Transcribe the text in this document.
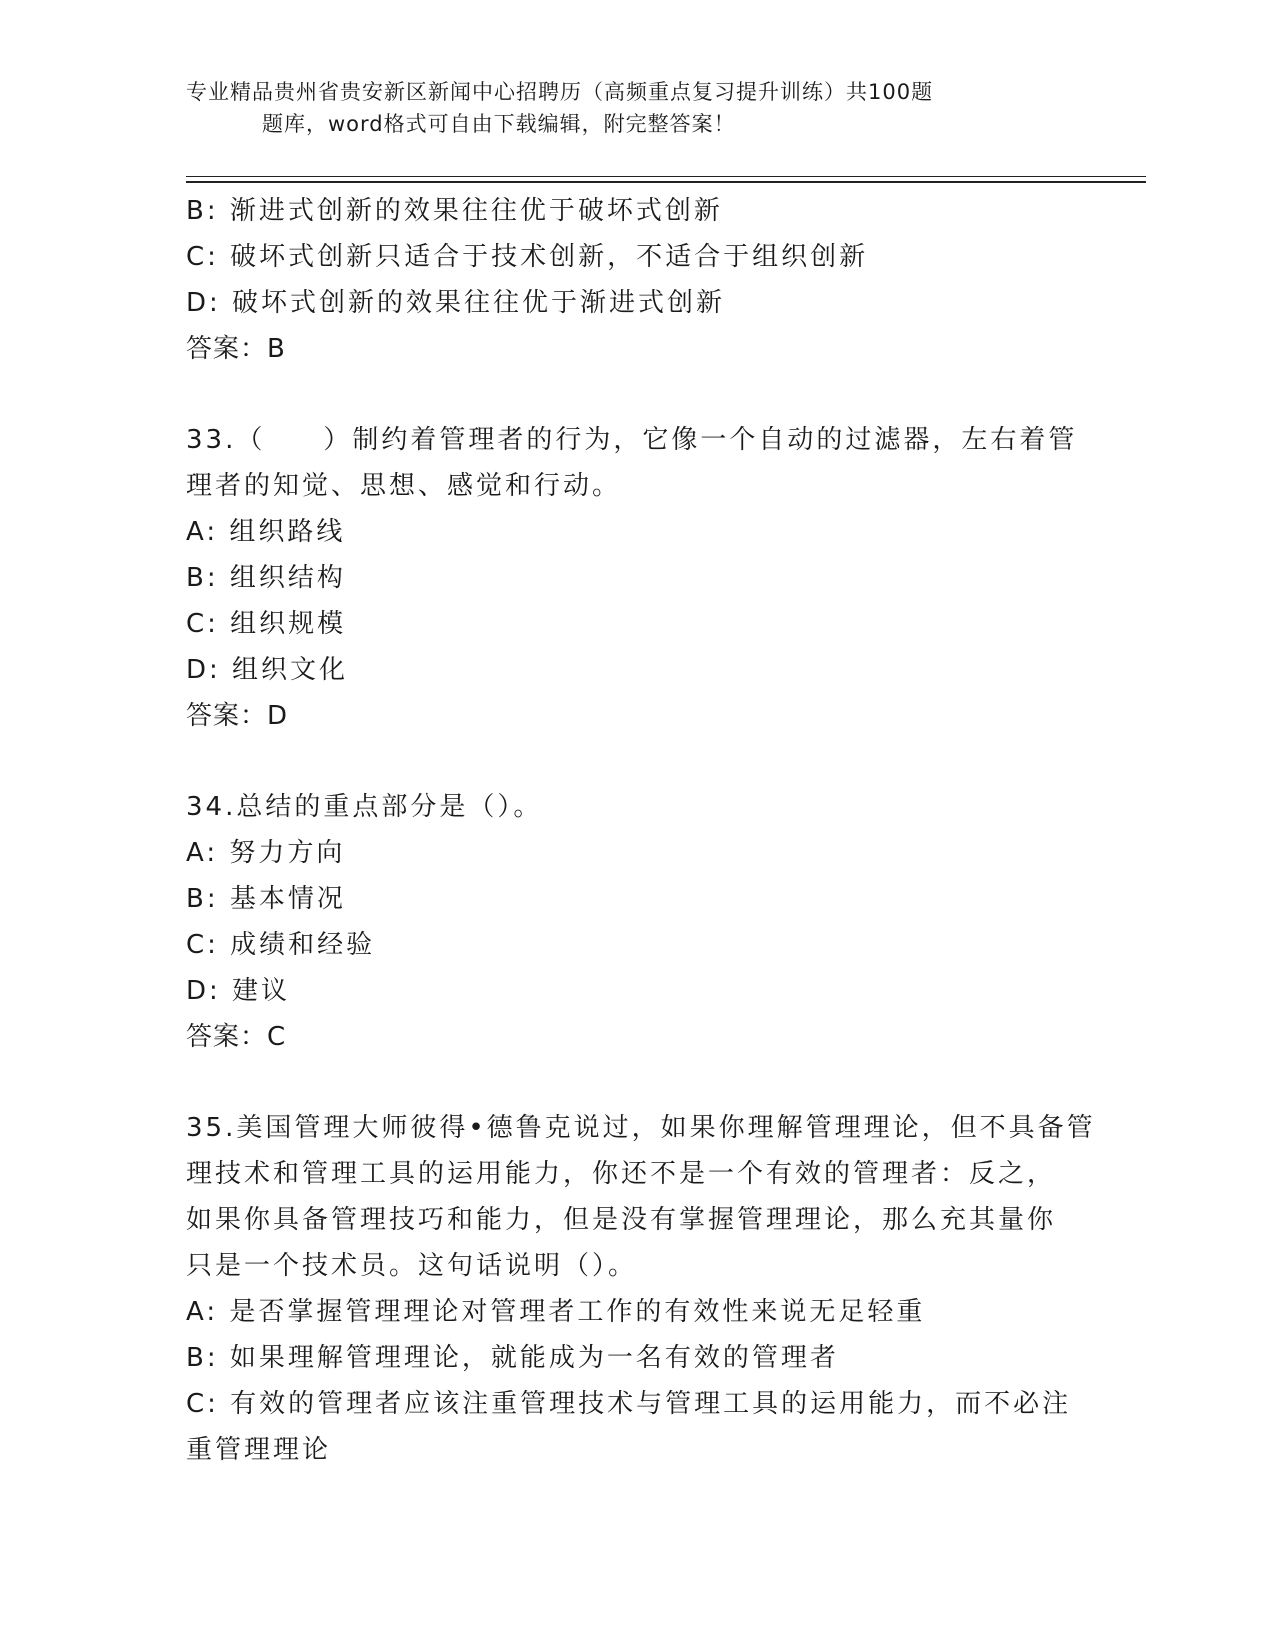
专业精品贵州省贵安新区新闻中心招聘历（高频重点复习提升训练）共100题
题库，word格式可自由下载编辑，附完整答案！
B: 渐进式创新的效果往往优于破坏式创新
C: 破坏式创新只适合于技术创新，不适合于组织创新
D: 破坏式创新的效果往往优于渐进式创新
答案：B
33.（　　）制约着管理者的行为，它像一个自动的过滤器，左右着管
理者的知觉、思想、感觉和行动。
A: 组织路线
B: 组织结构
C: 组织规模
D: 组织文化
答案：D
34.总结的重点部分是（）。
A: 努力方向
B: 基本情况
C: 成绩和经验
D: 建议
答案：C
35.美国管理大师彼得•德鲁克说过，如果你理解管理理论，但不具备管
理技术和管理工具的运用能力，你还不是一个有效的管理者：反之，
如果你具备管理技巧和能力，但是没有掌握管理理论，那么充其量你
只是一个技术员。这句话说明（）。
A: 是否掌握管理理论对管理者工作的有效性来说无足轻重
B: 如果理解管理理论，就能成为一名有效的管理者
C: 有效的管理者应该注重管理技术与管理工具的运用能力，而不必注
重管理理论
